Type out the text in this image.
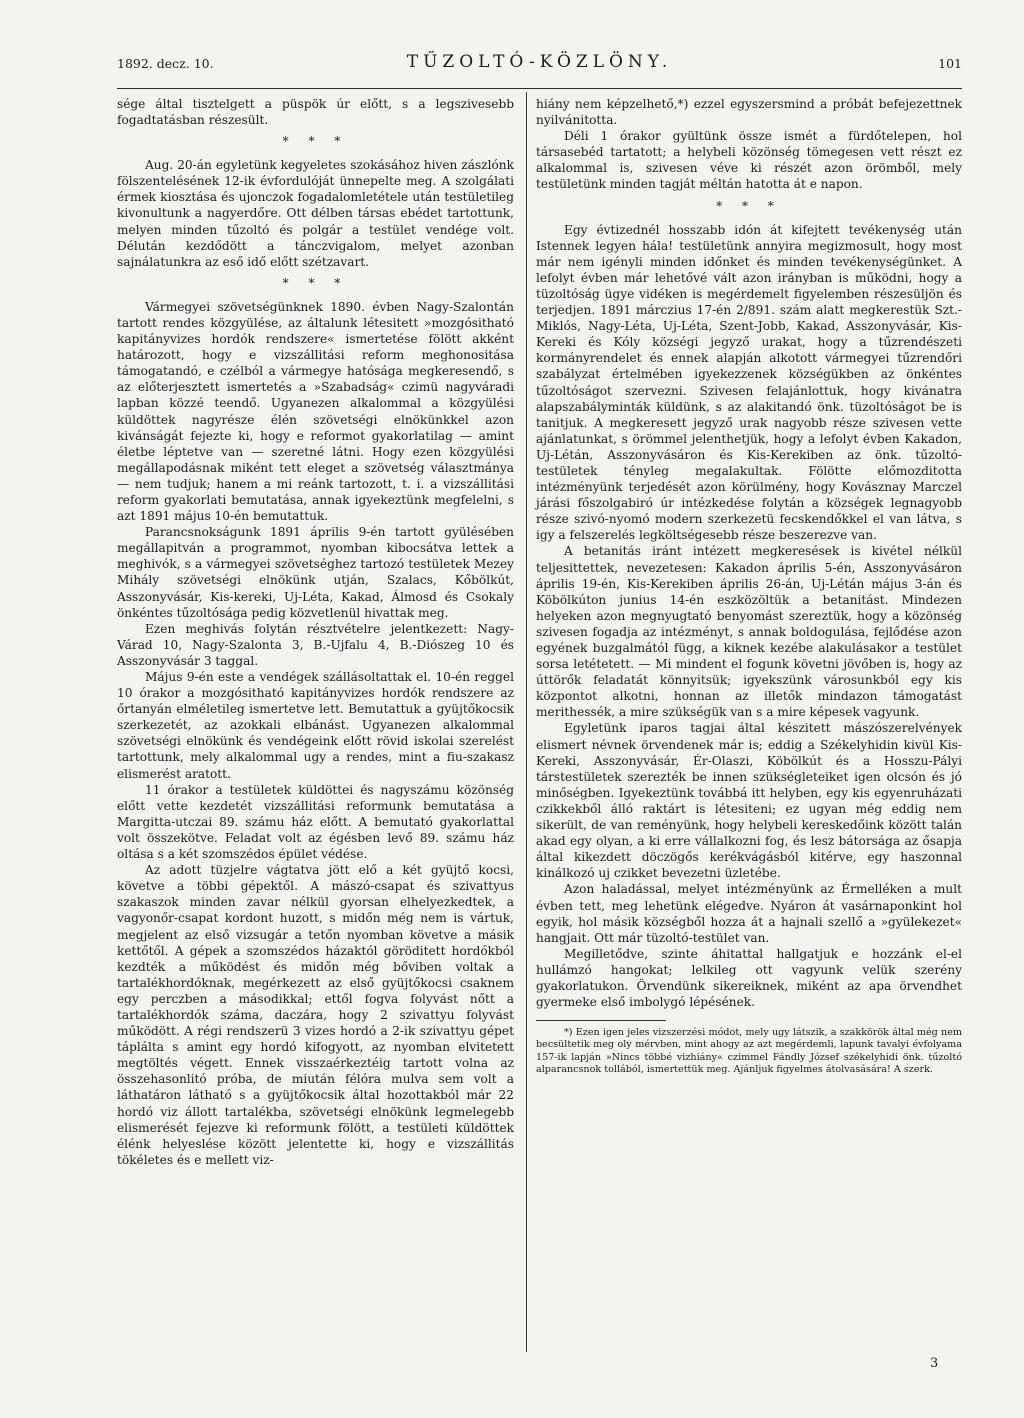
1892. decz. 10.	TŰZOLTÓ-KÖZLÖNY.	101

sége által tisztelgett a püspök úr előtt, s a legszivesebb fogadtatásban részesült.

* * *

Aug. 20-án egyletünk kegyeletes szokásához hiven zászlónk fölszentelésének 12-ik évfordulóját ünnepelte meg. A szolgálati érmek kiosztása és ujonczok fogadalomletétele után testületileg kivonultunk a nagyerdőre. Ott délben társas ebédet tartottunk, melyen minden tűzoltó és polgár a testület vendége volt. Délután kezdődött a tánczvigalom, melyet azonban sajnálatunkra az eső idő előtt szétzavart.

* * *

Vármegyei szövetségünknek 1890. évben Nagy-Szalontán tartott rendes közgyülése, az általunk létesitett »mozgósitható kapitányvizes hordók rendszere« ismertetése fölött akként határozott, hogy e vizszállitási reform meghonositása támogatandó, e czélból a vármegye hatósága megkeresendő, s az előterjesztett ismertetés a »Szabadság« czimü nagyváradi lapban közzé teendő. Ugyanezen alkalommal a közgyülési küldöttek nagyrésze élén szövetségi elnökünkkel azon kivánságát fejezte ki, hogy e reformot gyakorlatilag — amint életbe léptetve van — szeretné látni. Hogy ezen közgyülési megállapodásnak miként tett eleget a szövetség választmánya — nem tudjuk; hanem a mi reánk tartozott, t. i. a vizszállitási reform gyakorlati bemutatása, annak igyekeztünk megfelelni, s azt 1891 május 10-én bemutattuk.

Parancsnokságunk 1891 április 9-én tartott gyülésében megállapitván a programmot, nyomban kibocsátva lettek a meghivók, s a vármegyei szövetséghez tartozó testületek Mezey Mihály szövetségi elnökünk utján, Szalacs, Kőbölkút, Asszonyvásár, Kis-kereki, Uj-Léta, Kakad, Álmosd és Csokaly önkéntes tűzoltósága pedig közvetlenül hivattak meg.

Ezen meghivás folytán résztvételre jelentkezett: Nagy-Várad 10, Nagy-Szalonta 3, B.-Ujfalu 4, B.-Diószeg 10 és Asszonyvásár 3 taggal.

Május 9-én este a vendégek szállásoltattak el. 10-én reggel 10 órakor a mozgósitható kapitányvizes hordók rendszere az őrtanyán elméletileg ismertetve lett. Bemutattuk a gyüjtőkocsik szerkezetét, az azokkali elbánást. Ugyanezen alkalommal szövetségi elnökünk és vendégeink előtt rövid iskolai szerelést tartottunk, mely alkalommal ugy a rendes, mint a fiu-szakasz elismerést aratott.

11 órakor a testületek küldöttei és nagyszámu közönség előtt vette kezdetét vizszállitási reformunk bemutatása a Margitta-utczai 89. számu ház előtt. A bemutató gyakorlattal volt összekötve. Feladat volt az égésben levő 89. számu ház oltása s a két szomszédos épület védése.

Az adott tüzjelre vágtatva jött elő a két gyüjtő kocsi, követve a többi gépektől. A mászó-csapat és szivattyus szakaszok minden zavar nélkül gyorsan elhelyezkedtek, a vagyonőr-csapat kordont huzott, s midőn még nem is vártuk, megjelent az első vizsugár a tetőn nyomban követve a másik kettőtől. A gépek a szomszédos házaktól göröditett hordókból kezdték a működést és midőn még bőviben voltak a tartalékhordóknak, megérkezett az első gyüjtőkocsi csaknem egy perczben a másodikkal; ettől fogva folyvást nőtt a tartalékhordók száma, daczára, hogy 2 szivattyu folyvást működött. A régi rendszerü 3 vizes hordó a 2-ik szivattyu gépet táplálta s amint egy hordó kifogyott, az nyomban elvitetett megtöltés végett. Ennek visszaérkeztéig tartott volna az összehasonlitó próba, de miután félóra mulva sem volt a láthatáron látható s a gyüjtőkocsik által hozottakból már 22 hordó viz állott tartalékba, szövetségi elnökünk legmelegebb elismerését fejezve ki reformunk fölött, a testületi küldöttek élénk helyeslése között jelentette ki, hogy e vizszállitás tökéletes és e mellett viz-

hiány nem képzelhető,*) ezzel egyszersmind a próbát befejezettnek nyilvánitotta.

Déli 1 órakor gyültünk össze ismét a fürdőtelepen, hol társasebéd tartatott; a helybeli közönség tömegesen vett részt ez alkalommal is, szivesen véve ki részét azon örömből, mely testületünk minden tagját méltán hatotta át e napon.

* * *

Egy évtizednél hosszabb idón át kifejtett tevékenység után Istennek legyen hála! testületünk annyira megizmosult, hogy most már nem igényli minden időnket és minden tevékenységünket. A lefolyt évben már lehetővé vált azon irányban is működni, hogy a tüzoltóság ügye vidéken is megérdemelt figyelemben részesüljön és terjedjen. 1891 márczius 17-én 2/891. szám alatt megkerestük Szt.-Miklós, Nagy-Léta, Uj-Léta, Szent-Jobb, Kakad, Asszonyvásár, Kis-Kereki és Kóly községi jegyző urakat, hogy a tűzrendészeti kormányrendelet és ennek alapján alkotott vármegyei tűzrendőri szabályzat értelmében igyekezzenek községükben az önkéntes tűzoltóságot szervezni. Szivesen felajánlottuk, hogy kivánatra alapszabályminták küldünk, s az alakitandó önk. tüzoltóságot be is tanitjuk. A megkeresett jegyző urak nagyobb része szivesen vette ajánlatunkat, s örömmel jelenthetjük, hogy a lefolyt évben Kakadon, Uj-Létán, Asszonyvásáron és Kis-Kerekiben az önk. tűzoltó-testületek tényleg megalakultak. Fölötte előmozditotta intézményünk terjedését azon körülmény, hogy Kovásznay Marczel járási főszolgabiró úr intézkedése folytán a községek legnagyobb része szivó-nyomó modern szerkezetü fecskendőkkel el van látva, s igy a felszerelés legköltségesebb része beszerezve van.

A betanitás iránt intézett megkeresések is kivétel nélkül teljesittettek, nevezetesen: Kakadon április 5-én, Asszonyvásáron április 19-én, Kis-Kerekiben április 26-án, Uj-Létán május 3-án és Köbölkúton junius 14-én eszközöltük a betanitást. Mindezen helyeken azon megnyugtató benyomást szereztük, hogy a közönség szivesen fogadja az intézményt, s annak boldogulása, fejlődése azon egyének buzgalmától függ, a kiknek kezébe alakulásakor a testület sorsa letétetett. — Mi mindent el fogunk követni jövőben is, hogy az úttörők feladatát könnyitsük; igyekszünk városunkból egy kis központot alkotni, honnan az illetők mindazon támogatást merithessék, a mire szükségük van s a mire képesek vagyunk.

Egyletünk iparos tagjai által készitett mászószerelvények elismert névnek örvendenek már is; eddig a Székelyhidin kivül Kis-Kereki, Asszonyvásár, Ér-Olaszi, Köbölkút és a Hosszu-Pályi társtestületek szerezték be innen szükségleteiket igen olcsón és jó minőségben. Igyekeztünk továbbá itt helyben, egy kis egyenruházati czikkekből álló raktárt is létesiteni; ez ugyan még eddig nem sikerült, de van reményünk, hogy helybeli kereskedőink között talán akad egy olyan, a ki erre vállalkozni fog, és lesz bátorsága az ősapja által kikezdett döczögős kerékvágásból kitérve, egy haszonnal kinálkozó uj czikket bevezetni üzletébe.

Azon haladással, melyet intézményünk az Érmelléken a mult évben tett, meg lehetünk elégedve. Nyáron át vasárnaponkint hol egyik, hol másik községből hozza át a hajnali szellő a »gyülekezet« hangjait. Ott már tüzoltó-testület van.

Megilletődve, szinte áhitattal hallgatjuk e hozzánk el-el hullámzó hangokat; lelkileg ott vagyunk velük szerény gyakorlatukon. Örvendünk sikereiknek, miként az apa örvendhet gyermeke első imbolygó lépésének.

*) Ezen igen jeles vizszerzési módot, mely ugy látszik, a szakkörök által még nem becsültetik meg oly mérvben, mint ahogy az azt megérdemli, lapunk tavalyi évfolyama 157-ik lapján »Nincs többé vizhiány« czimmel Fándly József székelyhidi önk. tűzoltó alparancsnok tollából, ismertettük meg. Ajánljuk figyelmes átolvasására! A szerk.

3
